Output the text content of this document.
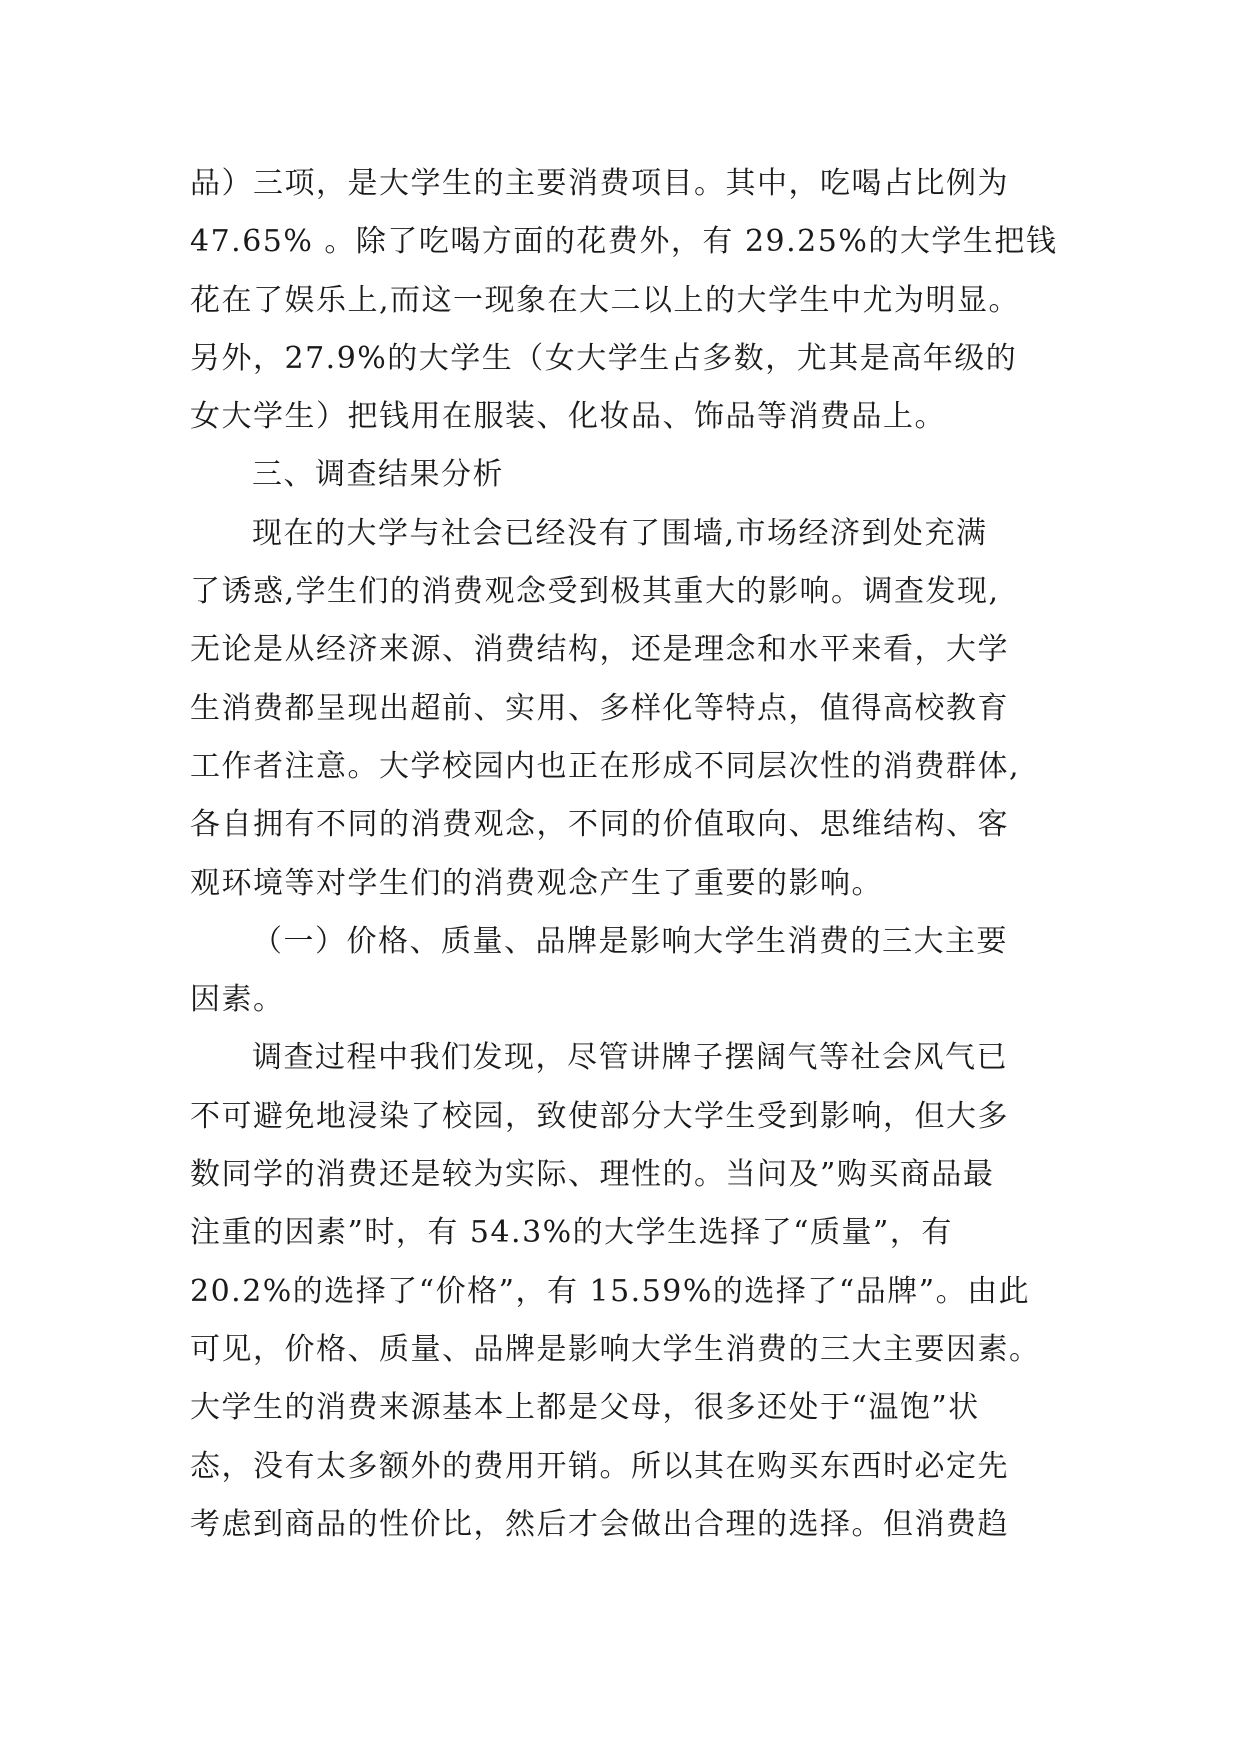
品）三项，是大学生的主要消费项目。其中，吃喝占比例为
47.65% 。除了吃喝方面的花费外，有 29.25%的大学生把钱
花在了娱乐上,而这一现象在大二以上的大学生中尤为明显。
另外，27.9%的大学生（女大学生占多数，尤其是高年级的
女大学生）把钱用在服装、化妆品、饰品等消费品上。
三、调查结果分析
现在的大学与社会已经没有了围墙,市场经济到处充满
了诱惑,学生们的消费观念受到极其重大的影响。调查发现,
无论是从经济来源、消费结构，还是理念和水平来看，大学
生消费都呈现出超前、实用、多样化等特点，值得高校教育
工作者注意。大学校园内也正在形成不同层次性的消费群体,
各自拥有不同的消费观念，不同的价值取向、思维结构、客
观环境等对学生们的消费观念产生了重要的影响。
（一）价格、质量、品牌是影响大学生消费的三大主要
因素。
调查过程中我们发现，尽管讲牌子摆阔气等社会风气已
不可避免地浸染了校园，致使部分大学生受到影响，但大多
数同学的消费还是较为实际、理性的。当问及”购买商品最
注重的因素”时，有 54.3%的大学生选择了“质量”，有
20.2%的选择了“价格”，有 15.59%的选择了“品牌”。由此
可见，价格、质量、品牌是影响大学生消费的三大主要因素。
大学生的消费来源基本上都是父母，很多还处于“温饱”状
态，没有太多额外的费用开销。所以其在购买东西时必定先
考虑到商品的性价比，然后才会做出合理的选择。但消费趋
